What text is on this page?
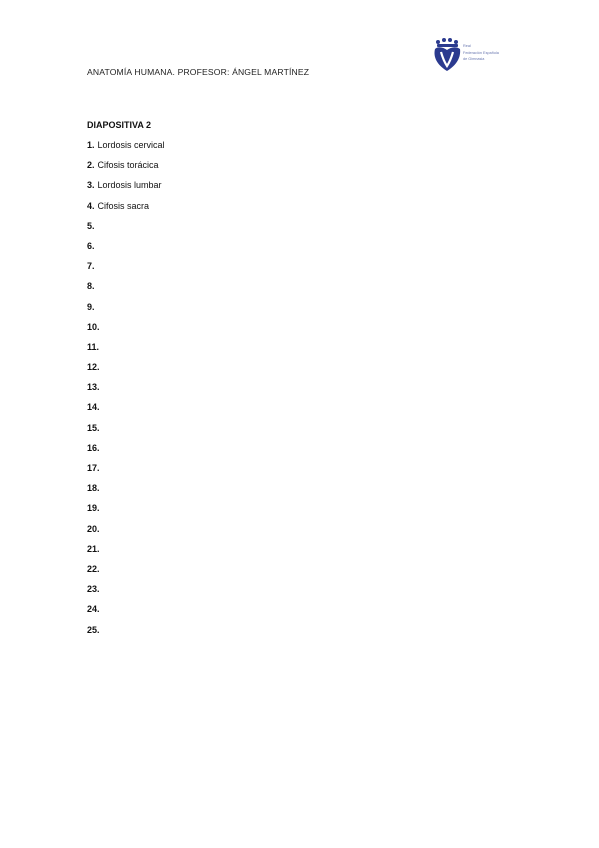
ANATOMÍA HUMANA. PROFESOR: ÁNGEL MARTÍNEZ
Real
Federación Española
de Gimnasia
DIAPOSITIVA 2
1. Lordosis cervical
2. Cifosis torácica
3. Lordosis lumbar
4. Cifosis sacra
5.
6.
7.
8.
9.
10.
11.
12.
13.
14.
15.
16.
17.
18.
19.
20.
21.
22.
23.
24.
25.
